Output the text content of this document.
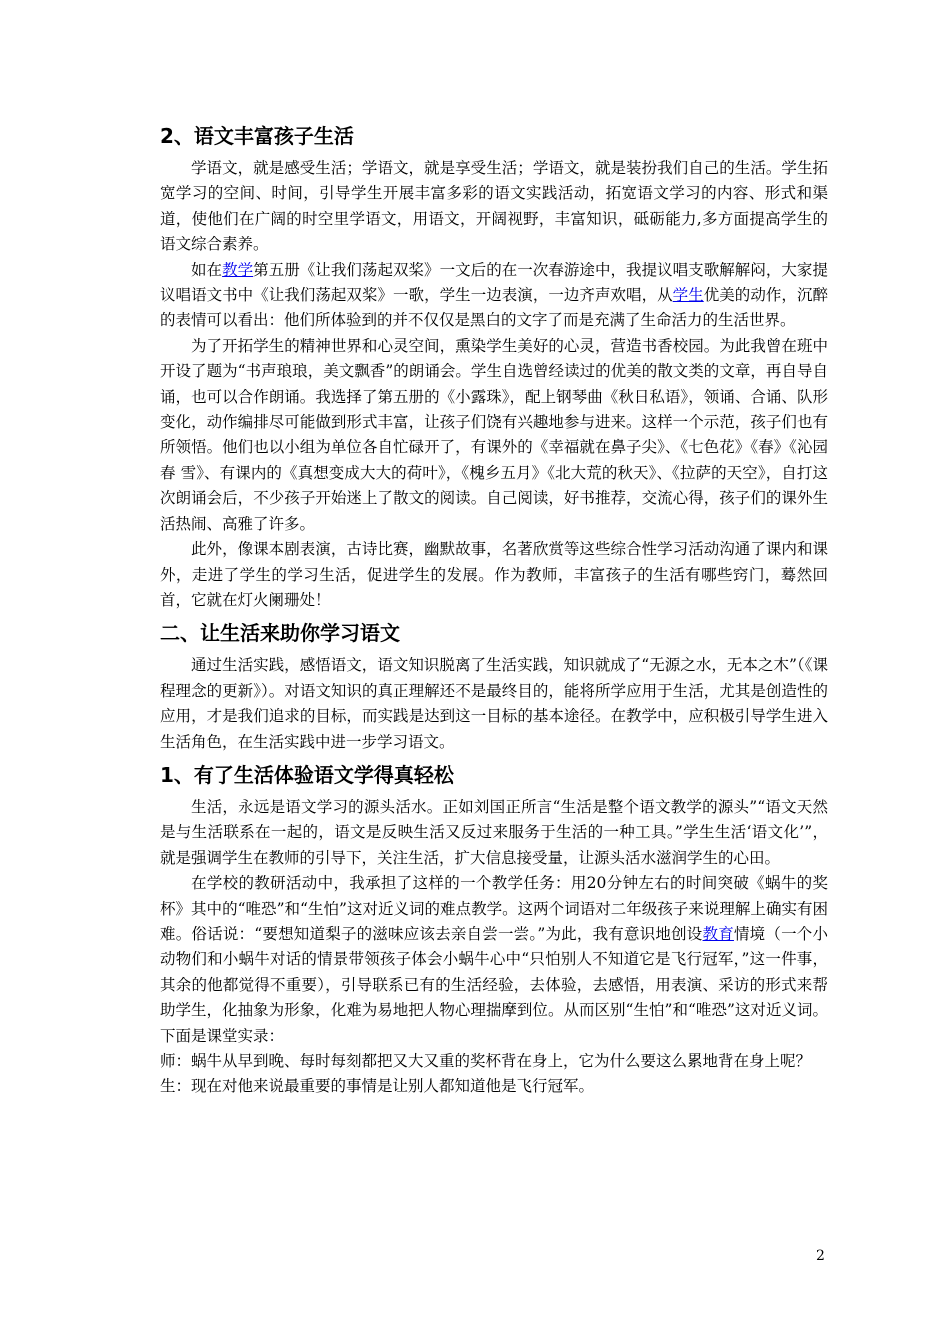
2、语文丰富孩子生活

学语文，就是感受生活；学语文，就是享受生活；学语文，就是装扮我们自己的生活。学生拓宽学习的空间、时间，引导学生开展丰富多彩的语文实践活动，拓宽语文学习的内容、形式和渠道，使他们在广阔的时空里学语文，用语文，开阔视野，丰富知识，砥砺能力,多方面提高学生的语文综合素养。

如在教学第五册《让我们荡起双桨》一文后的在一次春游途中，我提议唱支歌解解闷，大家提议唱语文书中《让我们荡起双桨》一歌，学生一边表演，一边齐声欢唱，从学生优美的动作，沉醉的表情可以看出：他们所体验到的并不仅仅是黑白的文字了而是充满了生命活力的生活世界。

为了开拓学生的精神世界和心灵空间，熏染学生美好的心灵，营造书香校园。为此我曾在班中开设了题为“书声琅琅，美文飘香”的朗诵会。学生自选曾经读过的优美的散文类的文章，再自导自诵，也可以合作朗诵。我选择了第五册的《小露珠》，配上钢琴曲《秋日私语》，领诵、合诵、队形变化，动作编排尽可能做到形式丰富，让孩子们饶有兴趣地参与进来。这样一个示范，孩子们也有所领悟。他们也以小组为单位各自忙碌开了，有课外的《幸福就在鼻子尖》、《七色花》《春》《沁园春 雪》、有课内的《真想变成大大的荷叶》，《槐乡五月》《北大荒的秋天》、《拉萨的天空》，自打这次朗诵会后，不少孩子开始迷上了散文的阅读。自己阅读，好书推荐，交流心得，孩子们的课外生活热闹、高雅了许多。

此外，像课本剧表演，古诗比赛，幽默故事，名著欣赏等这些综合性学习活动沟通了课内和课外，走进了学生的学习生活，促进学生的发展。作为教师，丰富孩子的生活有哪些窍门，蓦然回首，它就在灯火阑珊处！

二、让生活来助你学习语文

通过生活实践，感悟语文，语文知识脱离了生活实践，知识就成了“无源之水，无本之木”（《课程理念的更新》）。对语文知识的真正理解还不是最终目的，能将所学应用于生活，尤其是创造性的应用，才是我们追求的目标，而实践是达到这一目标的基本途径。在教学中，应积极引导学生进入生活角色，在生活实践中进一步学习语文。

1、有了生活体验语文学得真轻松

生活，永远是语文学习的源头活水。正如刘国正所言“生活是整个语文教学的源头”“语文天然是与生活联系在一起的，语文是反映生活又反过来服务于生活的一种工具。”学生生活‘语文化’”，就是强调学生在教师的引导下，关注生活，扩大信息接受量，让源头活水滋润学生的心田。

在学校的教研活动中，我承担了这样的一个教学任务：用20分钟左右的时间突破《蜗牛的奖杯》其中的“唯恐”和“生怕”这对近义词的难点教学。这两个词语对二年级孩子来说理解上确实有困难。俗话说：“要想知道梨子的滋味应该去亲自尝一尝。”为此，我有意识地创设教育情境（一个小动物们和小蜗牛对话的情景带领孩子体会小蜗牛心中“只怕别人不知道它是飞行冠军，”这一件事，其余的他都觉得不重要），引导联系已有的生活经验，去体验，去感悟，用表演、采访的形式来帮助学生，化抽象为形象，化难为易地把人物心理揣摩到位。从而区别“生怕”和“唯恐”这对近义词。下面是课堂实录：

师：蜗牛从早到晚、每时每刻都把又大又重的奖杯背在身上，它为什么要这么累地背在身上呢？

生：现在对他来说最重要的事情是让别人都知道他是飞行冠军。

2
